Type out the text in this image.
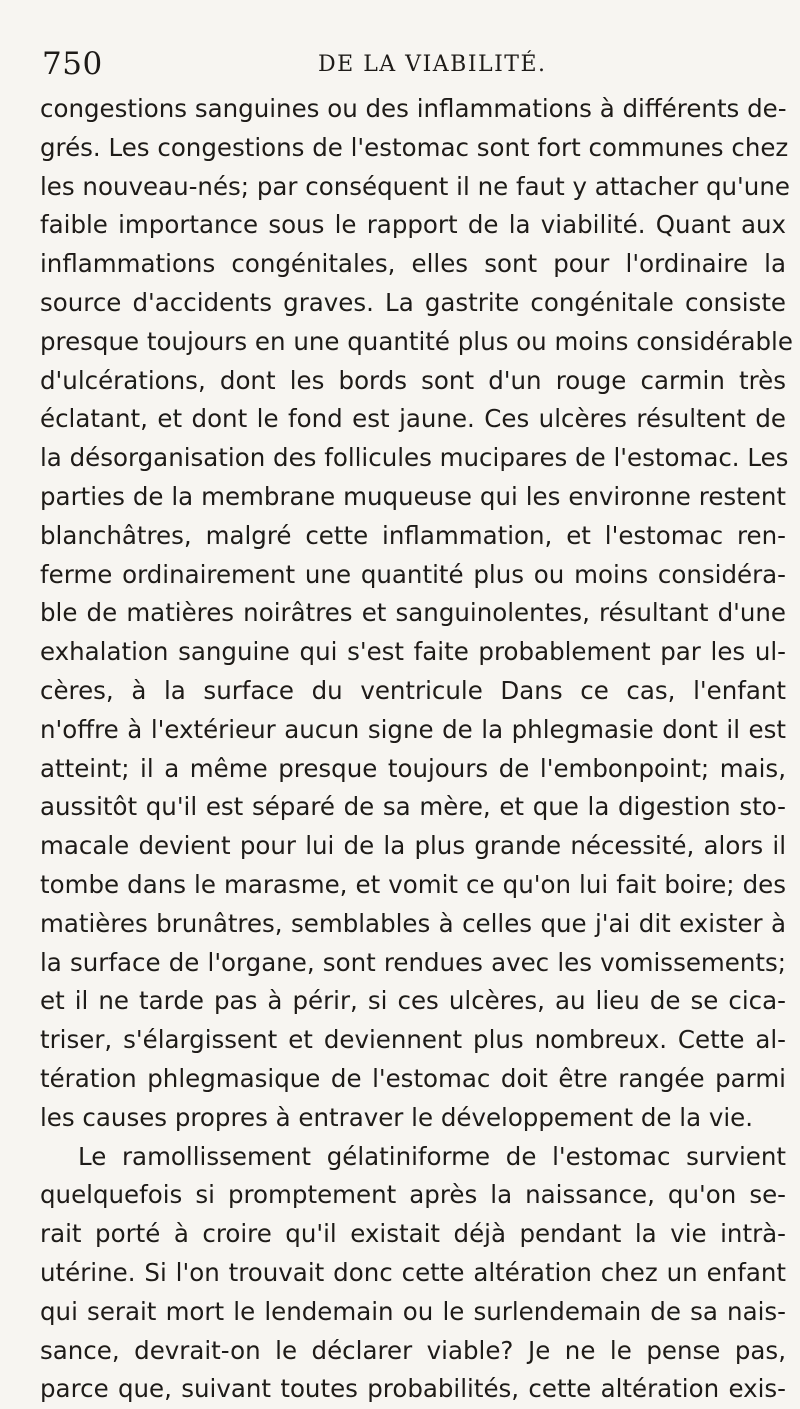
750	DE LA VIABILITÉ.
congestions sanguines ou des inflammations à différents de-
grés. Les congestions de l'estomac sont fort communes chez
les nouveau-nés; par conséquent il ne faut y attacher qu'une
faible importance sous le rapport de la viabilité. Quant aux
inflammations congénitales, elles sont pour l'ordinaire la
source d'accidents graves. La gastrite congénitale consiste
presque toujours en une quantité plus ou moins considérable
d'ulcérations, dont les bords sont d'un rouge carmin très
éclatant, et dont le fond est jaune. Ces ulcères résultent de
la désorganisation des follicules mucipares de l'estomac. Les
parties de la membrane muqueuse qui les environne restent
blanchâtres, malgré cette inflammation, et l'estomac ren-
ferme ordinairement une quantité plus ou moins considéra-
ble de matières noirâtres et sanguinolentes, résultant d'une
exhalation sanguine qui s'est faite probablement par les ul-
cères, à la surface du ventricule Dans ce cas, l'enfant
n'offre à l'extérieur aucun signe de la phlegmasie dont il est
atteint; il a même presque toujours de l'embonpoint; mais,
aussitôt qu'il est séparé de sa mère, et que la digestion sto-
macale devient pour lui de la plus grande nécessité, alors il
tombe dans le marasme, et vomit ce qu'on lui fait boire; des
matières brunâtres, semblables à celles que j'ai dit exister à
la surface de l'organe, sont rendues avec les vomissements;
et il ne tarde pas à périr, si ces ulcères, au lieu de se cica-
triser, s'élargissent et deviennent plus nombreux. Cette al-
tération phlegmasique de l'estomac doit être rangée parmi
les causes propres à entraver le développement de la vie.
Le ramollissement gélatiniforme de l'estomac survient
quelquefois si promptement après la naissance, qu'on se-
rait porté à croire qu'il existait déjà pendant la vie intrà-
utérine. Si l'on trouvait donc cette altération chez un enfant
qui serait mort le lendemain ou le surlendemain de sa nais-
sance, devrait-on le déclarer viable? Je ne le pense pas,
parce que, suivant toutes probabilités, cette altération exis-
